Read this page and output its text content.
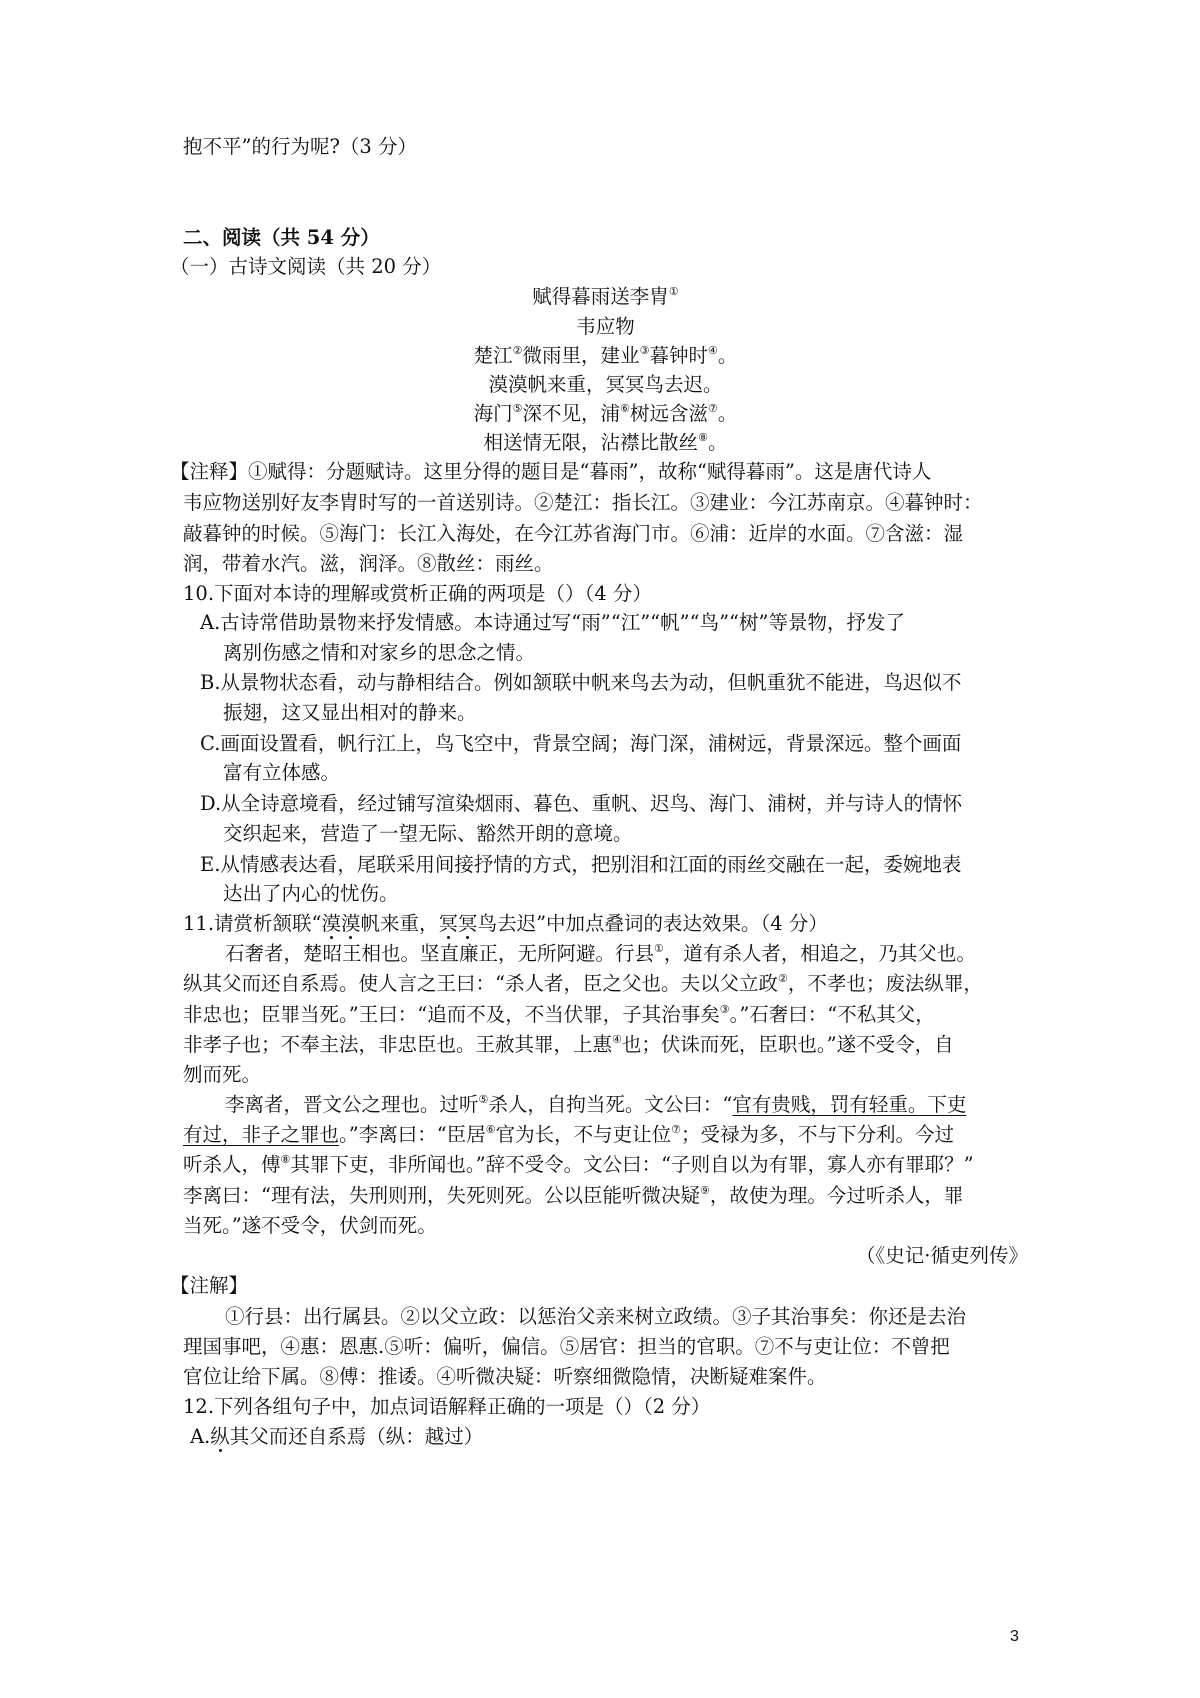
抱不平”的行为呢?（3 分）
二、阅读（共 54 分）
（一）古诗文阅读（共 20 分）
赋得暮雨送李胄①
韦应物
楚江②微雨里，建业③暮钟时④。
漠漠帆来重，冥冥鸟去迟。
海门⑤深不见，浦⑥树远含滋⑦。
相送情无限，沾襟比散丝⑧。
【注释】①赋得：分题赋诗。这里分得的题目是“暮雨”，故称“赋得暮雨”。这是唐代诗人
韦应物送别好友李胄时写的一首送别诗。②楚江：指长江。③建业：今江苏南京。④暮钟时：
敲暮钟的时候。⑤海门：长江入海处，在今江苏省海门市。⑥浦：近岸的水面。⑦含滋：湿
润，带着水汽。滋，润泽。⑧散丝：雨丝。
10.下面对本诗的理解或赏析正确的两项是（）（4 分）
A.古诗常借助景物来抒发情感。本诗通过写“雨”“江”“帆”“鸟”“树”等景物，抒发了
离别伤感之情和对家乡的思念之情。
B.从景物状态看，动与静相结合。例如颔联中帆来鸟去为动，但帆重犹不能进，鸟迟似不
振翅，这又显出相对的静来。
C.画面设置看，帆行江上，鸟飞空中，背景空阔；海门深，浦树远，背景深远。整个画面
富有立体感。
D.从全诗意境看，经过铺写渲染烟雨、暮色、重帆、迟鸟、海门、浦树，并与诗人的情怀
交织起来，营造了一望无际、豁然开朗的意境。
E.从情感表达看，尾联采用间接抒情的方式，把别泪和江面的雨丝交融在一起，委婉地表
达出了内心的忧伤。
11.请赏析颔联“漠漠帆来重，冥冥鸟去迟”中加点叠词的表达效果。（4 分）
石奢者，楚昭王相也。坚直廉正，无所阿避。行县①，道有杀人者，相追之，乃其父也。
纵其父而还自系焉。使人言之王曰：“杀人者，臣之父也。夫以父立政②，不孝也；废法纵罪，
非忠也；臣罪当死。”王曰：“追而不及，不当伏罪，子其治事矣③。”石奢曰：“不私其父，
非孝子也；不奉主法，非忠臣也。王赦其罪，上惠④也；伏诛而死，臣职也。”遂不受令，自
刎而死。
李离者，晋文公之理也。过听⑤杀人，自拘当死。文公曰：“官有贵贱，罚有轻重。下吏
有过，非子之罪也。”李离曰：“臣居⑥官为长，不与吏让位⑦；受禄为多，不与下分利。今过
听杀人，傅⑧其罪下吏，非所闻也。”辞不受令。文公曰：“子则自以为有罪，寡人亦有罪耶？”
李离曰：“理有法，失刑则刑，失死则死。公以臣能听微决疑⑨，故使为理。今过听杀人，罪
当死。”遂不受令，伏剑而死。
（《史记·循吏列传》
【注解】
①行县：出行属县。②以父立政：以惩治父亲来树立政绩。③子其治事矣：你还是去治
理国事吧，④惠：恩惠.⑤听：偏听，偏信。⑤居官：担当的官职。⑦不与吏让位：不曾把
官位让给下属。⑧傅：推诿。④听微决疑：听察细微隐情，决断疑难案件。
12.下列各组句子中，加点词语解释正确的一项是（）（2 分）
A.纵其父而还自系焉（纵：越过）
3
